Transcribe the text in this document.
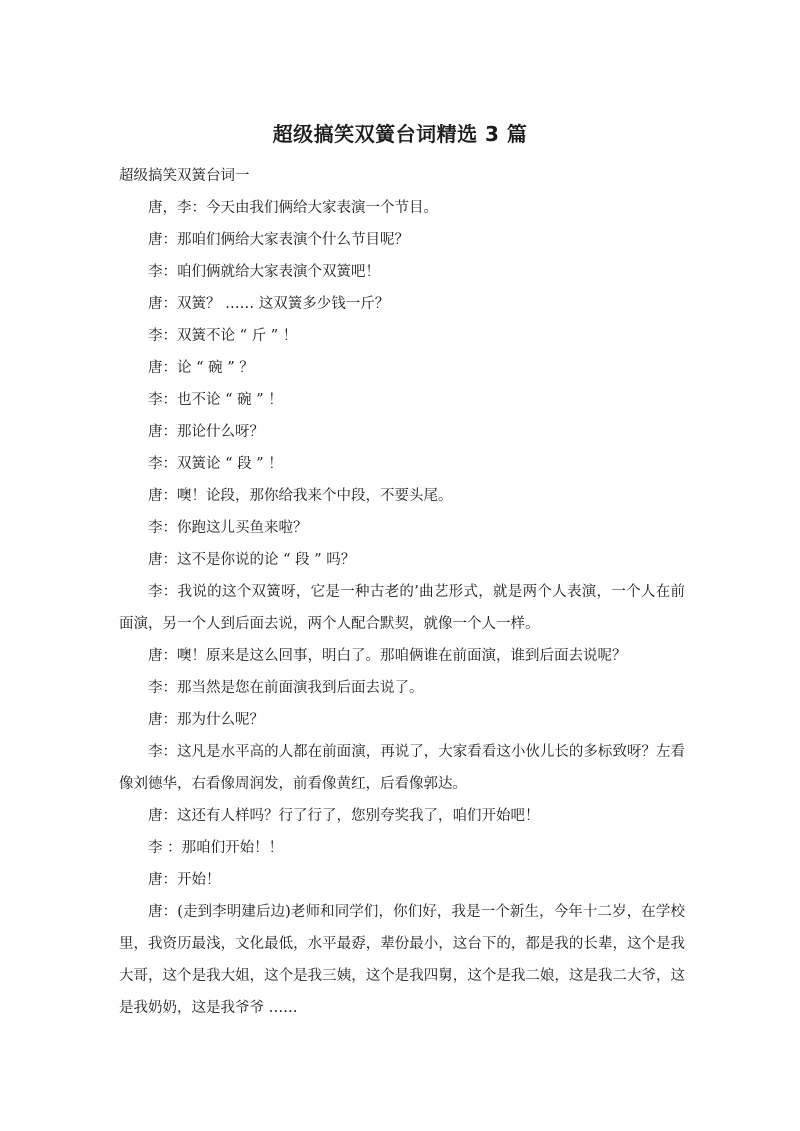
超级搞笑双簧台词精选 3 篇

超级搞笑双簧台词一

唐，李：今天由我们俩给大家表演一个节目。

唐：那咱们俩给大家表演个什么节目呢？

李：咱们俩就给大家表演个双簧吧！

唐：双簧？ …… 这双簧多少钱一斤？

李：双簧不论 “ 斤 ” ！

唐：论 “ 碗 ” ？

李：也不论 “ 碗 ” ！

唐：那论什么呀？

李：双簧论 “ 段 ” ！

唐：噢！论段，那你给我来个中段，不要头尾。

李：你跑这儿买鱼来啦？

唐：这不是你说的论 “ 段 ” 吗？

李：我说的这个双簧呀，它是一种古老的’曲艺形式，就是两个人表演，一个人在前面演，另一个人到后面去说，两个人配合默契，就像一个人一样。

唐：噢！原来是这么回事，明白了。那咱俩谁在前面演，谁到后面去说呢？

李：那当然是您在前面演我到后面去说了。

唐：那为什么呢？

李：这凡是水平高的人都在前面演，再说了，大家看看这小伙儿长的多标致呀？左看像刘德华，右看像周润发，前看像黄红，后看像郭达。

唐：这还有人样吗？行了行了，您别夸奖我了，咱们开始吧！

李 ：那咱们开始！！

唐：开始！

唐：(走到李明建后边)老师和同学们，你们好，我是一个新生，今年十二岁，在学校里，我资历最浅，文化最低，水平最孬，辈份最小，这台下的，都是我的长辈，这个是我大哥，这个是我大姐，这个是我三姨，这个是我四舅，这个是我二娘，这是我二大爷，这是我奶奶，这是我爷爷 ……
